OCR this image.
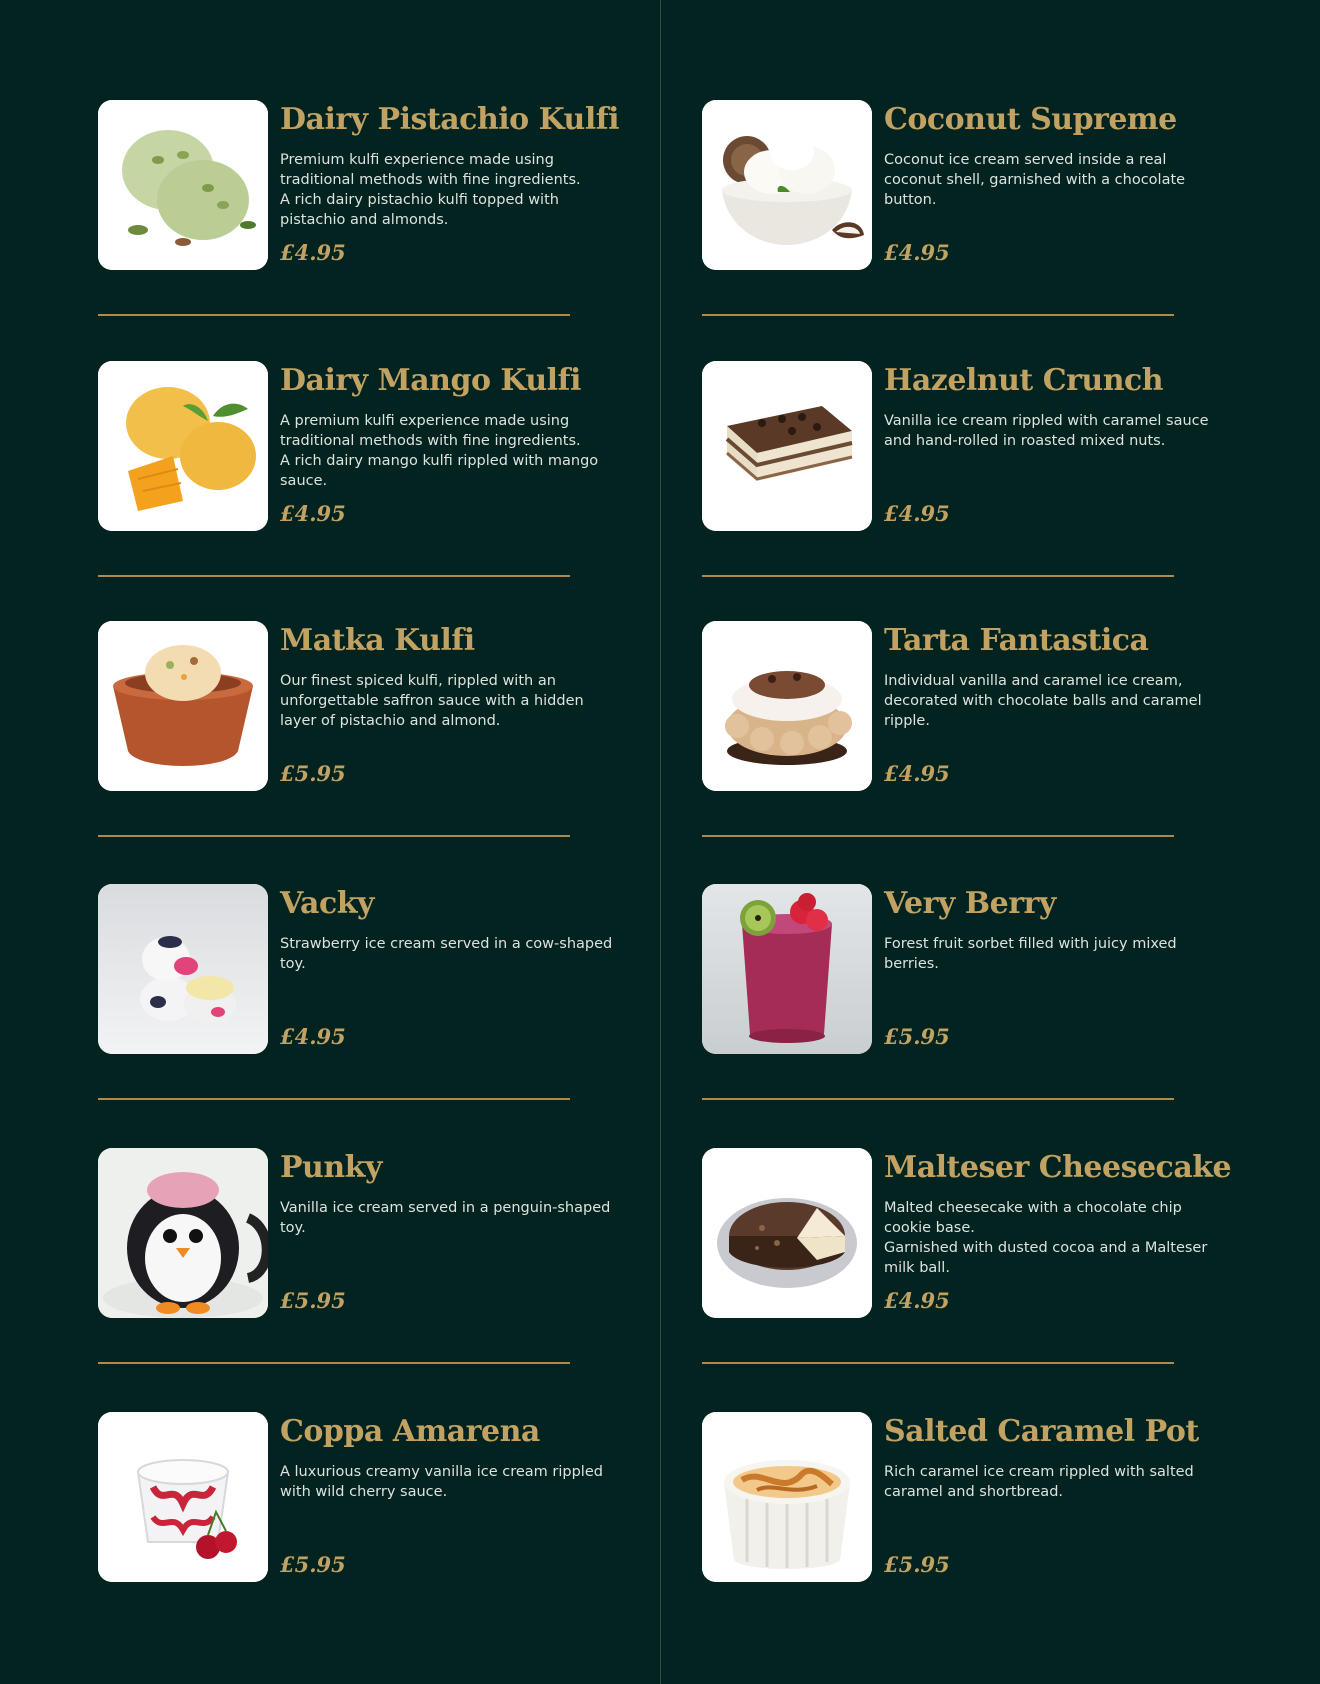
Dairy Pistachio Kulfi
Premium kulfi experience made using traditional methods with fine ingredients.
A rich dairy pistachio kulfi topped with pistachio and almonds.
£4.95
Dairy Mango Kulfi
A premium kulfi experience made using traditional methods with fine ingredients.
A rich dairy mango kulfi rippled with mango sauce.
£4.95
Matka Kulfi
Our finest spiced kulfi, rippled with an unforgettable saffron sauce with a hidden layer of pistachio and almond.
£5.95
Vacky
Strawberry ice cream served in a cow-shaped toy.
£4.95
Punky
Vanilla ice cream served in a penguin-shaped toy.
£5.95
Coppa Amarena
A luxurious creamy vanilla ice cream rippled with wild cherry sauce.
£5.95
Coconut Supreme
Coconut ice cream served inside a real coconut shell, garnished with a chocolate button.
£4.95
Hazelnut Crunch
Vanilla ice cream rippled with caramel sauce and hand-rolled in roasted mixed nuts.
£4.95
Tarta Fantastica
Individual vanilla and caramel ice cream, decorated with chocolate balls and caramel ripple.
£4.95
Very Berry
Forest fruit sorbet filled with juicy mixed berries.
£5.95
Malteser Cheesecake
Malted cheesecake with a chocolate chip cookie base.
Garnished with dusted cocoa and a Malteser milk ball.
£4.95
Salted Caramel Pot
Rich caramel ice cream rippled with salted caramel and shortbread.
£5.95
